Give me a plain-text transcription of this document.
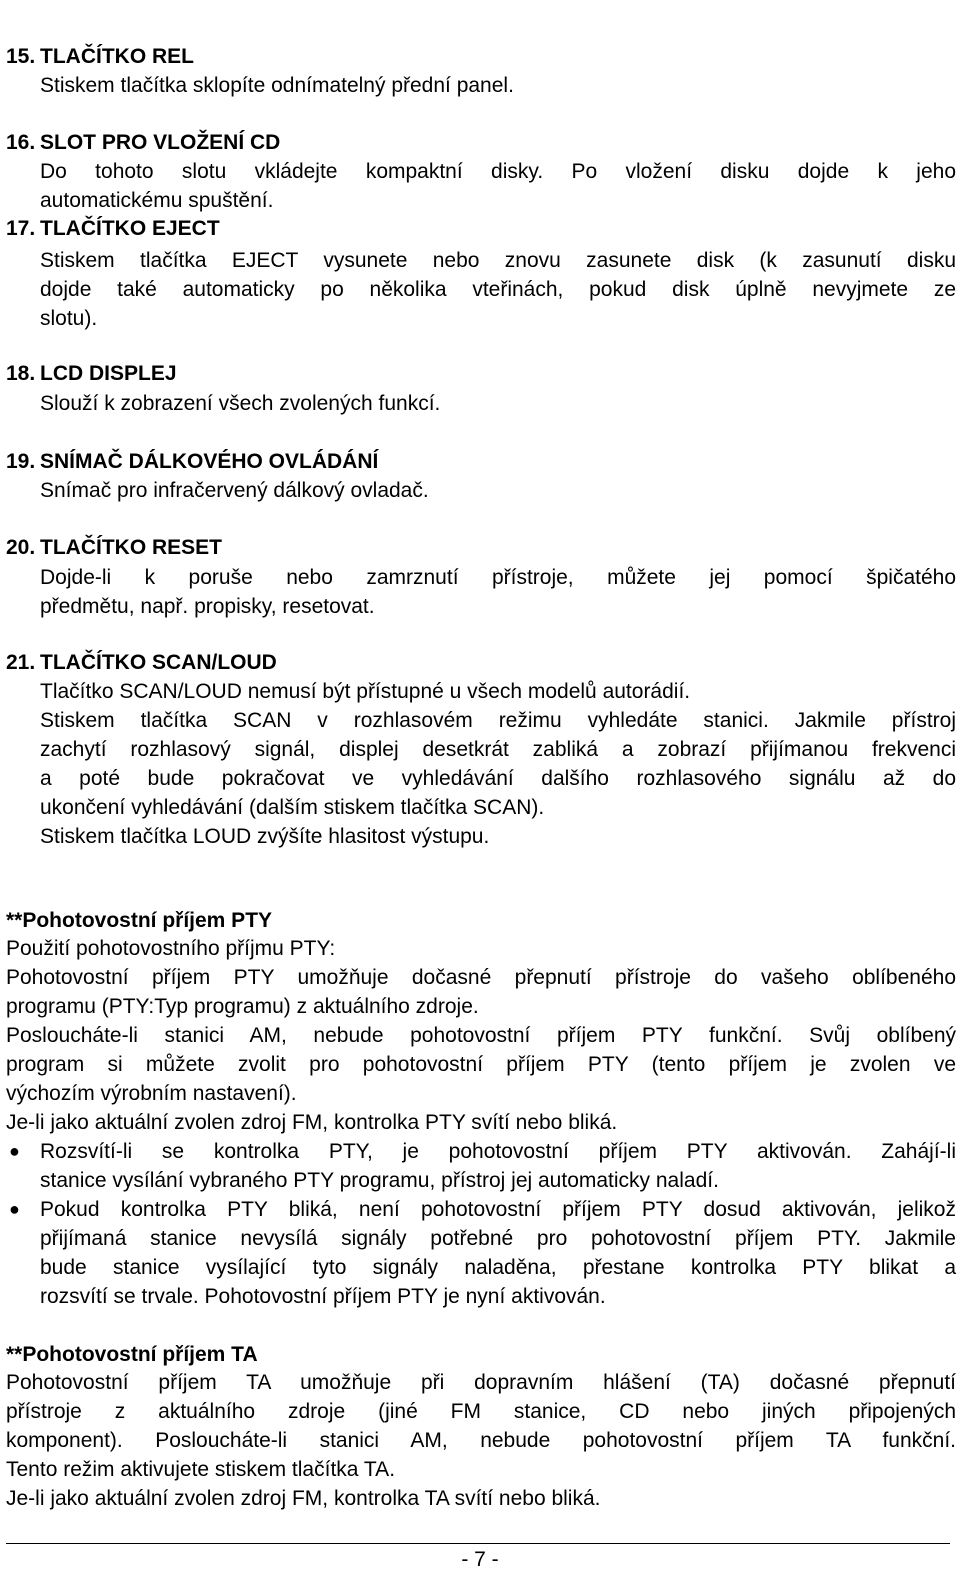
15. TLAČÍTKO REL
Stiskem tlačítka sklopíte odnímatelný přední panel.
16. SLOT PRO VLOŽENÍ CD
Do tohoto slotu vkládejte kompaktní disky. Po vložení disku dojde k jeho
automatickému spuštění.
17. TLAČÍTKO EJECT
Stiskem tlačítka EJECT vysunete nebo znovu zasunete disk (k zasunutí disku
dojde také automaticky po několika vteřinách, pokud disk úplně nevyjmete ze
slotu).
18. LCD DISPLEJ
Slouží k zobrazení všech zvolených funkcí.
19. SNÍMAČ DÁLKOVÉHO OVLÁDÁNÍ
Snímač pro infračervený dálkový ovladač.
20. TLAČÍTKO RESET
Dojde-li k poruše nebo zamrznutí přístroje, můžete jej pomocí špičatého
předmětu, např. propisky, resetovat.
21. TLAČÍTKO SCAN/LOUD
Tlačítko SCAN/LOUD nemusí být přístupné u všech modelů autorádií.
Stiskem tlačítka SCAN v rozhlasovém režimu vyhledáte stanici. Jakmile přístroj
zachytí rozhlasový signál, displej desetkrát zabliká a zobrazí přijímanou frekvenci
a poté bude pokračovat ve vyhledávání dalšího rozhlasového signálu až do
ukončení vyhledávání (dalším stiskem tlačítka SCAN).
Stiskem tlačítka LOUD zvýšíte hlasitost výstupu.
**Pohotovostní příjem PTY
Použití pohotovostního příjmu PTY:
Pohotovostní příjem PTY umožňuje dočasné přepnutí přístroje do vašeho oblíbeného
programu (PTY:Typ programu) z aktuálního zdroje.
Posloucháte-li stanici AM, nebude pohotovostní příjem PTY funkční. Svůj oblíbený
program si můžete zvolit pro pohotovostní příjem PTY (tento příjem je zvolen ve
výchozím výrobním nastavení).
Je-li jako aktuální zvolen zdroj FM, kontrolka PTY svítí nebo bliká.
● Rozsvítí-li se kontrolka PTY, je pohotovostní příjem PTY aktivován. Zahájí-li
stanice vysílání vybraného PTY programu, přístroj jej automaticky naladí.
● Pokud kontrolka PTY bliká, není pohotovostní příjem PTY dosud aktivován, jelikož
přijímaná stanice nevysílá signály potřebné pro pohotovostní příjem PTY. Jakmile
bude stanice vysílající tyto signály naladěna, přestane kontrolka PTY blikat a
rozsvítí se trvale. Pohotovostní příjem PTY je nyní aktivován.
**Pohotovostní příjem TA
Pohotovostní příjem TA umožňuje při dopravním hlášení (TA) dočasné přepnutí
přístroje z aktuálního zdroje (jiné FM stanice, CD nebo jiných připojených
komponent). Posloucháte-li stanici AM, nebude pohotovostní příjem TA funkční.
Tento režim aktivujete stiskem tlačítka TA.
Je-li jako aktuální zvolen zdroj FM, kontrolka TA svítí nebo bliká.
- 7 -
